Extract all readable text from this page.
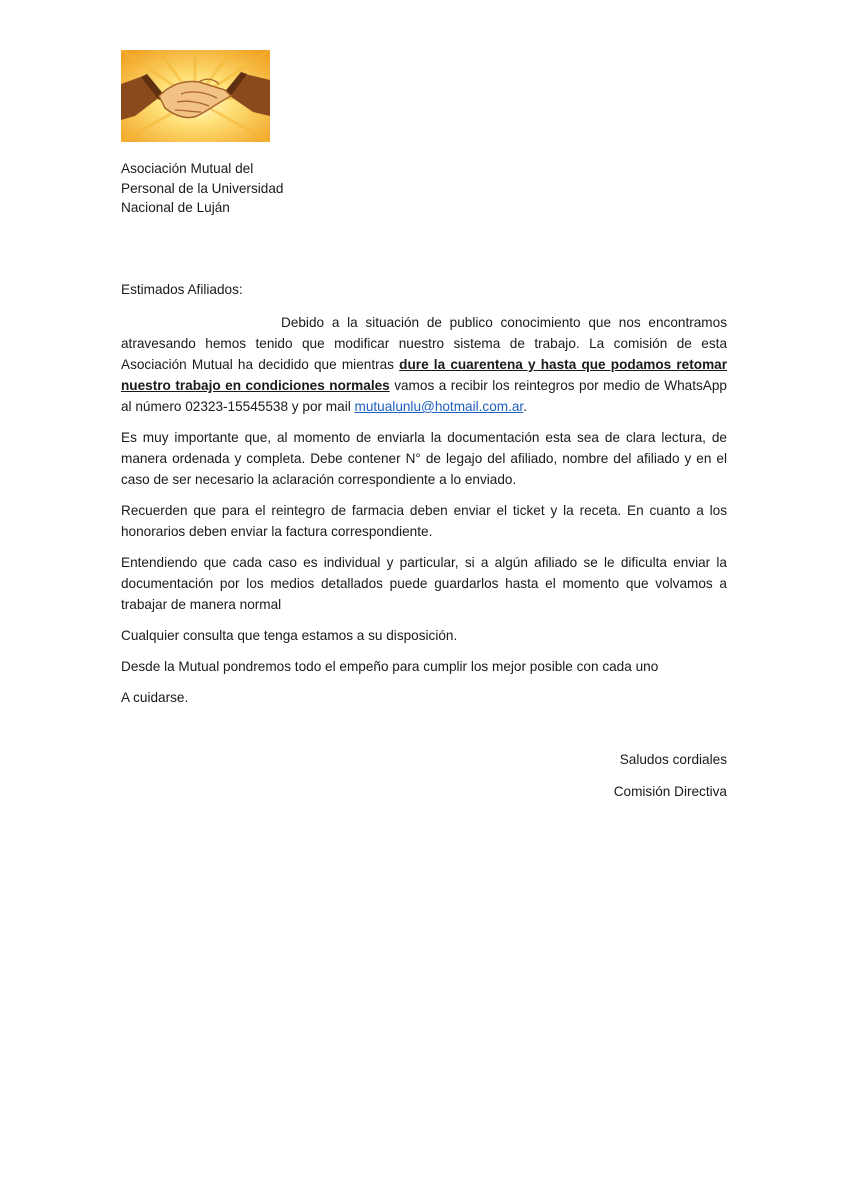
Asociación Mutual del
Personal de la Universidad
Nacional de Luján
Estimados Afiliados:

Debido a la situación de publico conocimiento que nos encontramos atravesando hemos tenido que modificar nuestro sistema de trabajo. La comisión de esta Asociación Mutual ha decidido que mientras dure la cuarentena y hasta que podamos retomar nuestro trabajo en condiciones normales vamos a recibir los reintegros por medio de WhatsApp al número 02323-15545538 y por mail mutualunlu@hotmail.com.ar.

Es muy importante que, al momento de enviarla la documentación esta sea de clara lectura, de manera ordenada y completa. Debe contener N° de legajo del afiliado, nombre del afiliado y en el caso de ser necesario la aclaración correspondiente a lo enviado.

Recuerden que para el reintegro de farmacia deben enviar el ticket y la receta. En cuanto a los honorarios deben enviar la factura correspondiente.

Entendiendo que cada caso es individual y particular, si a algún afiliado se le dificulta enviar la documentación por los medios detallados puede guardarlos hasta el momento que volvamos a trabajar de manera normal

Cualquier consulta que tenga estamos a su disposición.

Desde la Mutual pondremos todo el empeño para cumplir los mejor posible con cada uno

A cuidarse.

Saludos cordiales
Comisión Directiva
